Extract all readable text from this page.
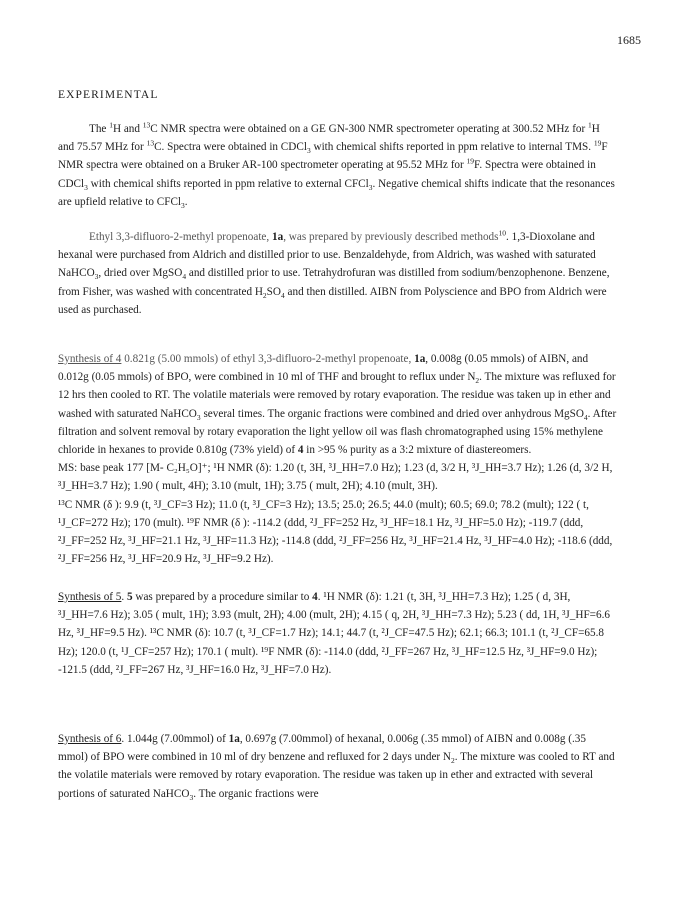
1685
EXPERIMENTAL

The $^1$H and $^{13}$C NMR spectra were obtained on a GE GN-300 NMR spectrometer operating at 300.52 MHz for $^1$H and 75.57 MHz for $^{13}$C. Spectra were obtained in CDCl$_3$ with chemical shifts reported in ppm relative to internal TMS. $^{19}$F NMR spectra were obtained on a Bruker AR-100 spectrometer operating at 95.52 MHz for $^{19}$F. Spectra were obtained in CDCl$_3$ with chemical shifts reported in ppm relative to external CFCl$_3$. Negative chemical shifts indicate that the resonances are upfield relative to CFCl$_3$.

Ethyl 3,3-difluoro-2-methyl propenoate, 1a, was prepared by previously described methods$^{10}$. 1,3-Dioxolane and hexanal were purchased from Aldrich and distilled prior to use. Benzaldehyde, from Aldrich, was washed with saturated NaHCO$_3$, dried over MgSO$_4$ and distilled prior to use. Tetrahydrofuran was distilled from sodium/benzophenone. Benzene, from Fisher, was washed with concentrated $H_2SO_4$ and then distilled. AIBN from Polyscience and BPO from Aldrich were used as purchased.

Synthesis of 4 0.821g (5.00 mmols) of ethyl 3,3-difluoro-2-methyl propenoate, 1a, 0.008g (0.05 mmols) of AIBN, and 0.012g (0.05 mmols) of BPO, were combined in 10 ml of THF and brought to reflux under $N_2$. The mixture was refluxed for 12 hrs then cooled to RT. The volatile materials were removed by rotary evaporation. The residue was taken up in ether and washed with saturated NaHCO$_3$ several times. The organic fractions were combined and dried over anhydrous MgSO$_4$. After filtration and solvent removal by rotary evaporation the light yellow oil was flash chromatographed using 15% methylene chloride in hexanes to provide 0.810g (73% yield) of 4 in >95 % purity as a 3:2 mixture of diastereomers.
MS: base peak 177 [M- C₂H₅O]⁺; ¹H NMR (δ): 1.20 (t, 3H, ³J_HH=7.0 Hz); 1.23 (d, 3/2 H, ³J_HH=3.7 Hz); 1.26 (d, 3/2 H, ³J_HH=3.7 Hz); 1.90 ( mult, 4H); 3.10 (mult, 1H); 3.75 ( mult, 2H); 4.10 (mult, 3H).
¹³C NMR (δ ): 9.9 (t, ³J_CF=3 Hz); 11.0 (t, ³J_CF=3 Hz); 13.5; 25.0; 26.5; 44.0 (mult); 60.5; 69.0; 78.2 (mult); 122 ( t, ¹J_CF=272 Hz); 170 (mult). ¹⁹F NMR (δ ): -114.2 (ddd, ²J_FF=252 Hz, ³J_HF=18.1 Hz, ³J_HF=5.0 Hz); -119.7 (ddd, ²J_FF=252 Hz, ³J_HF=21.1 Hz, ³J_HF=11.3 Hz); -114.8 (ddd, ²J_FF=256 Hz, ³J_HF=21.4 Hz, ³J_HF=4.0 Hz); -118.6 (ddd, ²J_FF=256 Hz, ³J_HF=20.9 Hz, ³J_HF=9.2 Hz).

Synthesis of 5. 5 was prepared by a procedure similar to 4. ¹H NMR (δ): 1.21 (t, 3H, ³J_HH=7.3 Hz); 1.25 ( d, 3H, ³J_HH=7.6 Hz); 3.05 ( mult, 1H); 3.93 (mult, 2H); 4.00 (mult, 2H); 4.15 ( q, 2H, ³J_HH=7.3 Hz); 5.23 ( dd, 1H, ³J_HF=6.6 Hz, ³J_HF=9.5 Hz). ¹³C NMR (δ): 10.7 (t, ³J_CF=1.7 Hz); 14.1; 44.7 (t, ²J_CF=47.5 Hz); 62.1; 66.3; 101.1 (t, ²J_CF=65.8 Hz); 120.0 (t, ¹J_CF=257 Hz); 170.1 ( mult). ¹⁹F NMR (δ): -114.0 (ddd, ²J_FF=267 Hz, ³J_HF=12.5 Hz, ³J_HF=9.0 Hz); -121.5 (ddd, ²J_FF=267 Hz, ³J_HF=16.0 Hz, ³J_HF=7.0 Hz).

Synthesis of 6. 1.044g (7.00mmol) of 1a, 0.697g (7.00mmol) of hexanal, 0.006g (.35 mmol) of AIBN and 0.008g (.35 mmol) of BPO were combined in 10 ml of dry benzene and refluxed for 2 days under $N_2$. The mixture was cooled to RT and the volatile materials were removed by rotary evaporation. The residue was taken up in ether and extracted with several portions of saturated NaHCO$_3$. The organic fractions were
